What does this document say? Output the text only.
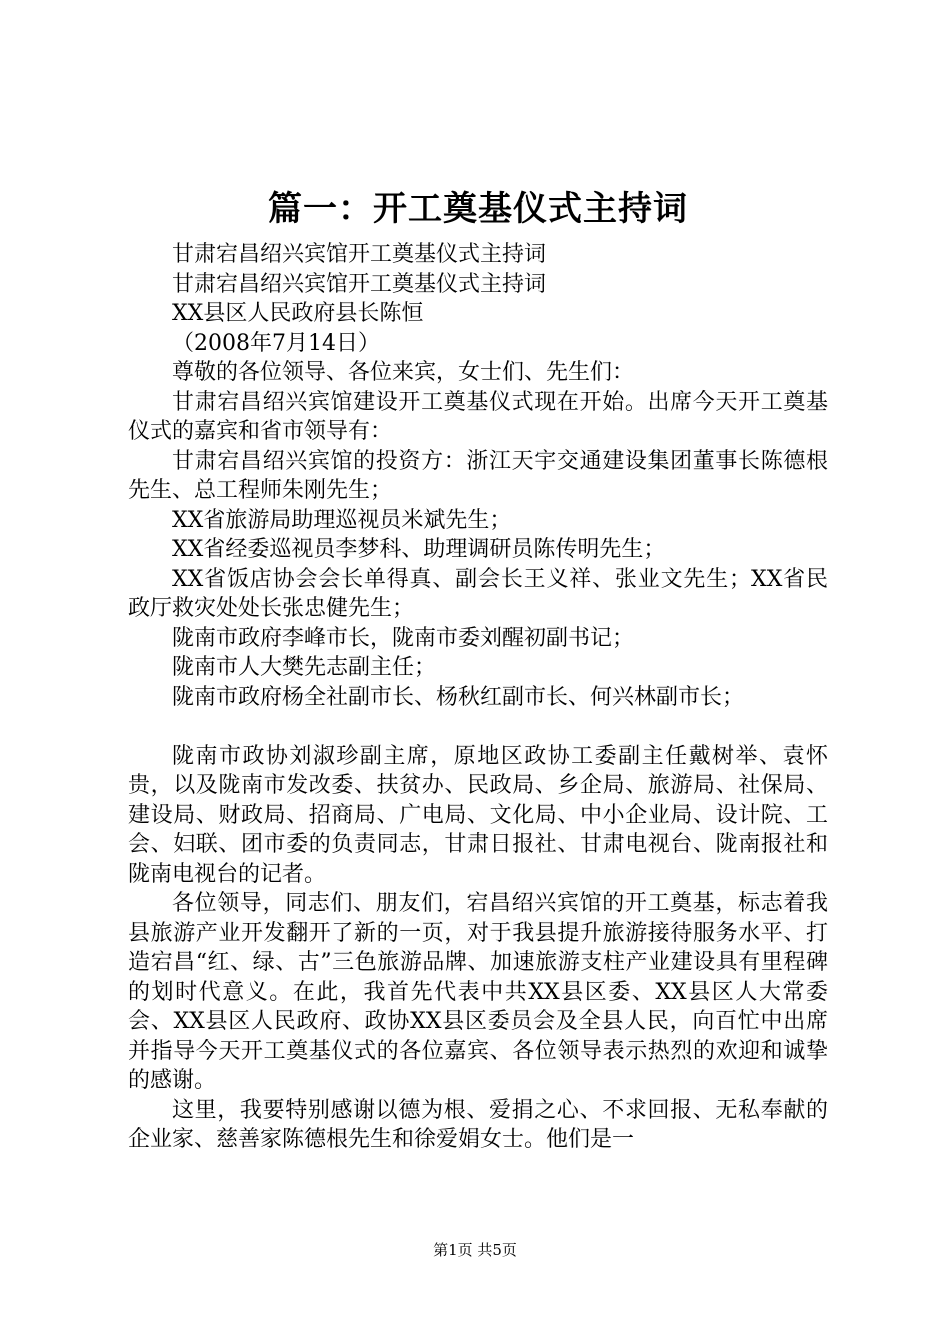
篇一：开工奠基仪式主持词

甘肃宕昌绍兴宾馆开工奠基仪式主持词

甘肃宕昌绍兴宾馆开工奠基仪式主持词

XX县区人民政府县长陈恒

（2008年7月14日）

尊敬的各位领导、各位来宾，女士们、先生们：

甘肃宕昌绍兴宾馆建设开工奠基仪式现在开始。出席今天开工奠基仪式的嘉宾和省市领导有：

甘肃宕昌绍兴宾馆的投资方：浙江天宇交通建设集团董事长陈德根先生、总工程师朱刚先生；

XX省旅游局助理巡视员米斌先生；

XX省经委巡视员李梦科、助理调研员陈传明先生；

XX省饭店协会会长单得真、副会长王义祥、张业文先生；XX省民政厅救灾处处长张忠健先生；

陇南市政府李峰市长，陇南市委刘醒初副书记；

陇南市人大樊先志副主任；

陇南市政府杨全社副市长、杨秋红副市长、何兴林副市长；

陇南市政协刘淑珍副主席，原地区政协工委副主任戴树举、袁怀贵，以及陇南市发改委、扶贫办、民政局、乡企局、旅游局、社保局、建设局、财政局、招商局、广电局、文化局、中小企业局、设计院、工会、妇联、团市委的负责同志，甘肃日报社、甘肃电视台、陇南报社和陇南电视台的记者。

各位领导，同志们、朋友们，宕昌绍兴宾馆的开工奠基，标志着我县旅游产业开发翻开了新的一页，对于我县提升旅游接待服务水平、打造宕昌“红、绿、古”三色旅游品牌、加速旅游支柱产业建设具有里程碑的划时代意义。在此，我首先代表中共XX县区委、XX县区人大常委会、XX县区人民政府、政协XX县区委员会及全县人民，向百忙中出席并指导今天开工奠基仪式的各位嘉宾、各位领导表示热烈的欢迎和诚挚的感谢。

这里，我要特别感谢以德为根、爱捐之心、不求回报、无私奉献的企业家、慈善家陈德根先生和徐爱娟女士。他们是一

第1页 共5页
